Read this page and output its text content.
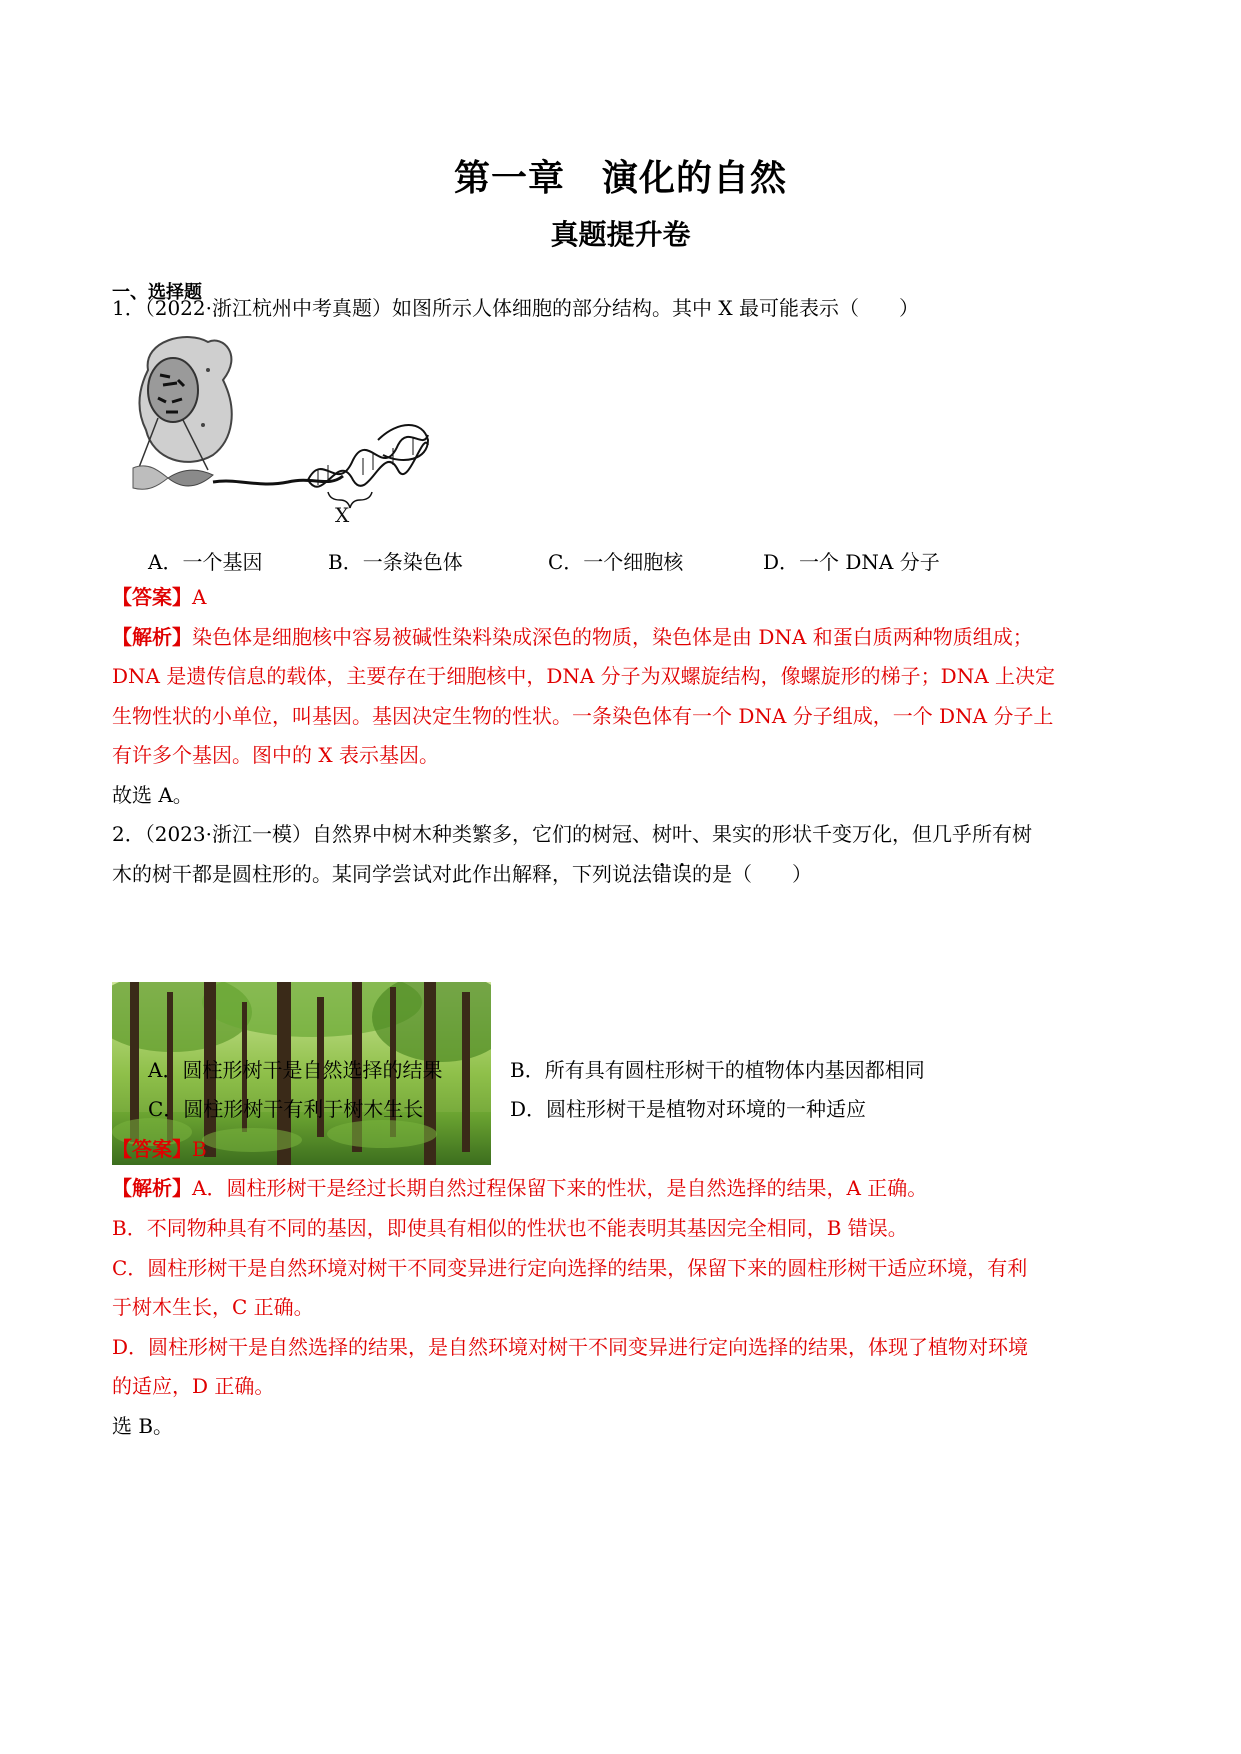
第一章　演化的自然
真题提升卷
一、选择题
1．（2022·浙江杭州中考真题）如图所示人体细胞的部分结构。其中 X 最可能表示（　　）
X
A．一个基因	B．一条染色体	C．一个细胞核	D．一个 DNA 分子
【答案】A
【解析】染色体是细胞核中容易被碱性染料染成深色的物质，染色体是由 DNA 和蛋白质两种物质组成；
DNA 是遗传信息的载体，主要存在于细胞核中，DNA 分子为双螺旋结构，像螺旋形的梯子；DNA 上决定
生物性状的小单位，叫基因。基因决定生物的性状。一条染色体有一个 DNA 分子组成，一个 DNA 分子上
有许多个基因。图中的 X 表示基因。
故选 A。
2．（2023·浙江一模）自然界中树木种类繁多，它们的树冠、树叶、果实的形状千变万化，但几乎所有树
木的树干都是圆柱形的。某同学尝试对此作出解释，下列说法错误的是（　　）
A．圆柱形树干是自然选择的结果	B．所有具有圆柱形树干的植物体内基因都相同
C．圆柱形树干有利于树木生长	D．圆柱形树干是植物对环境的一种适应
【答案】B
【解析】A．圆柱形树干是经过长期自然过程保留下来的性状，是自然选择的结果，A 正确。
B．不同物种具有不同的基因，即使具有相似的性状也不能表明其基因完全相同，B 错误。
C．圆柱形树干是自然环境对树干不同变异进行定向选择的结果，保留下来的圆柱形树干适应环境，有利
于树木生长，C 正确。
D．圆柱形树干是自然选择的结果，是自然环境对树干不同变异进行定向选择的结果，体现了植物对环境
的适应，D 正确。
选 B。
